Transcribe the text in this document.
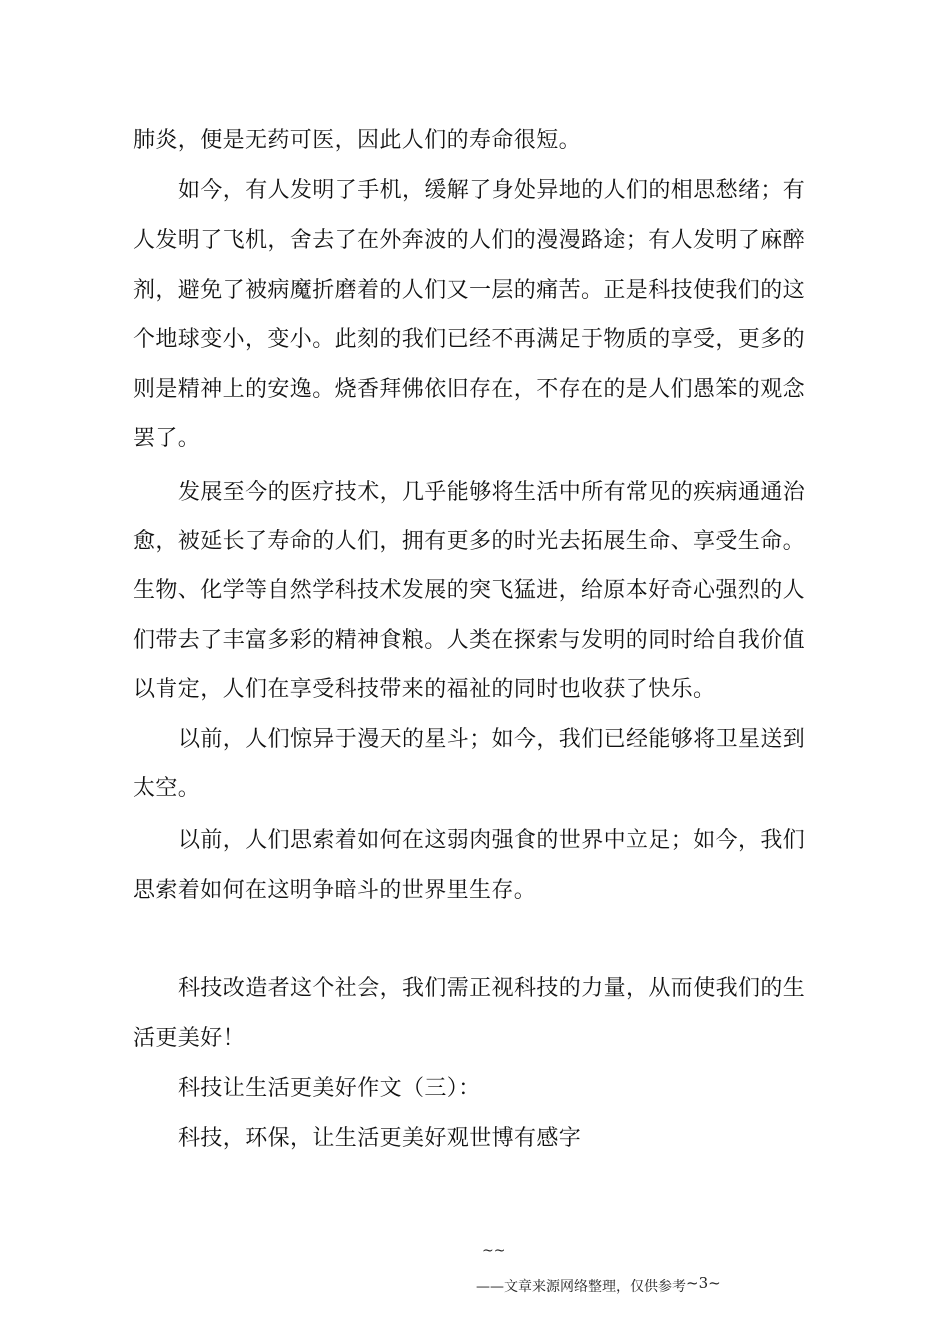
肺炎，便是无药可医，因此人们的寿命很短。
如今，有人发明了手机，缓解了身处异地的人们的相思愁绪；有
人发明了飞机，舍去了在外奔波的人们的漫漫路途；有人发明了麻醉
剂，避免了被病魔折磨着的人们又一层的痛苦。正是科技使我们的这
个地球变小，变小。此刻的我们已经不再满足于物质的享受，更多的
则是精神上的安逸。烧香拜佛依旧存在，不存在的是人们愚笨的观念
罢了。
发展至今的医疗技术，几乎能够将生活中所有常见的疾病通通治
愈，被延长了寿命的人们，拥有更多的时光去拓展生命、享受生命。
生物、化学等自然学科技术发展的突飞猛进，给原本好奇心强烈的人
们带去了丰富多彩的精神食粮。人类在探索与发明的同时给自我价值
以肯定，人们在享受科技带来的福祉的同时也收获了快乐。
以前，人们惊异于漫天的星斗；如今，我们已经能够将卫星送到
太空。
以前，人们思索着如何在这弱肉强食的世界中立足；如今，我们
思索着如何在这明争暗斗的世界里生存。
科技改造者这个社会，我们需正视科技的力量，从而使我们的生
活更美好！
科技让生活更美好作文（三）：
科技，环保，让生活更美好观世博有感字
~~
——文章来源网络整理，仅供参考~3~
